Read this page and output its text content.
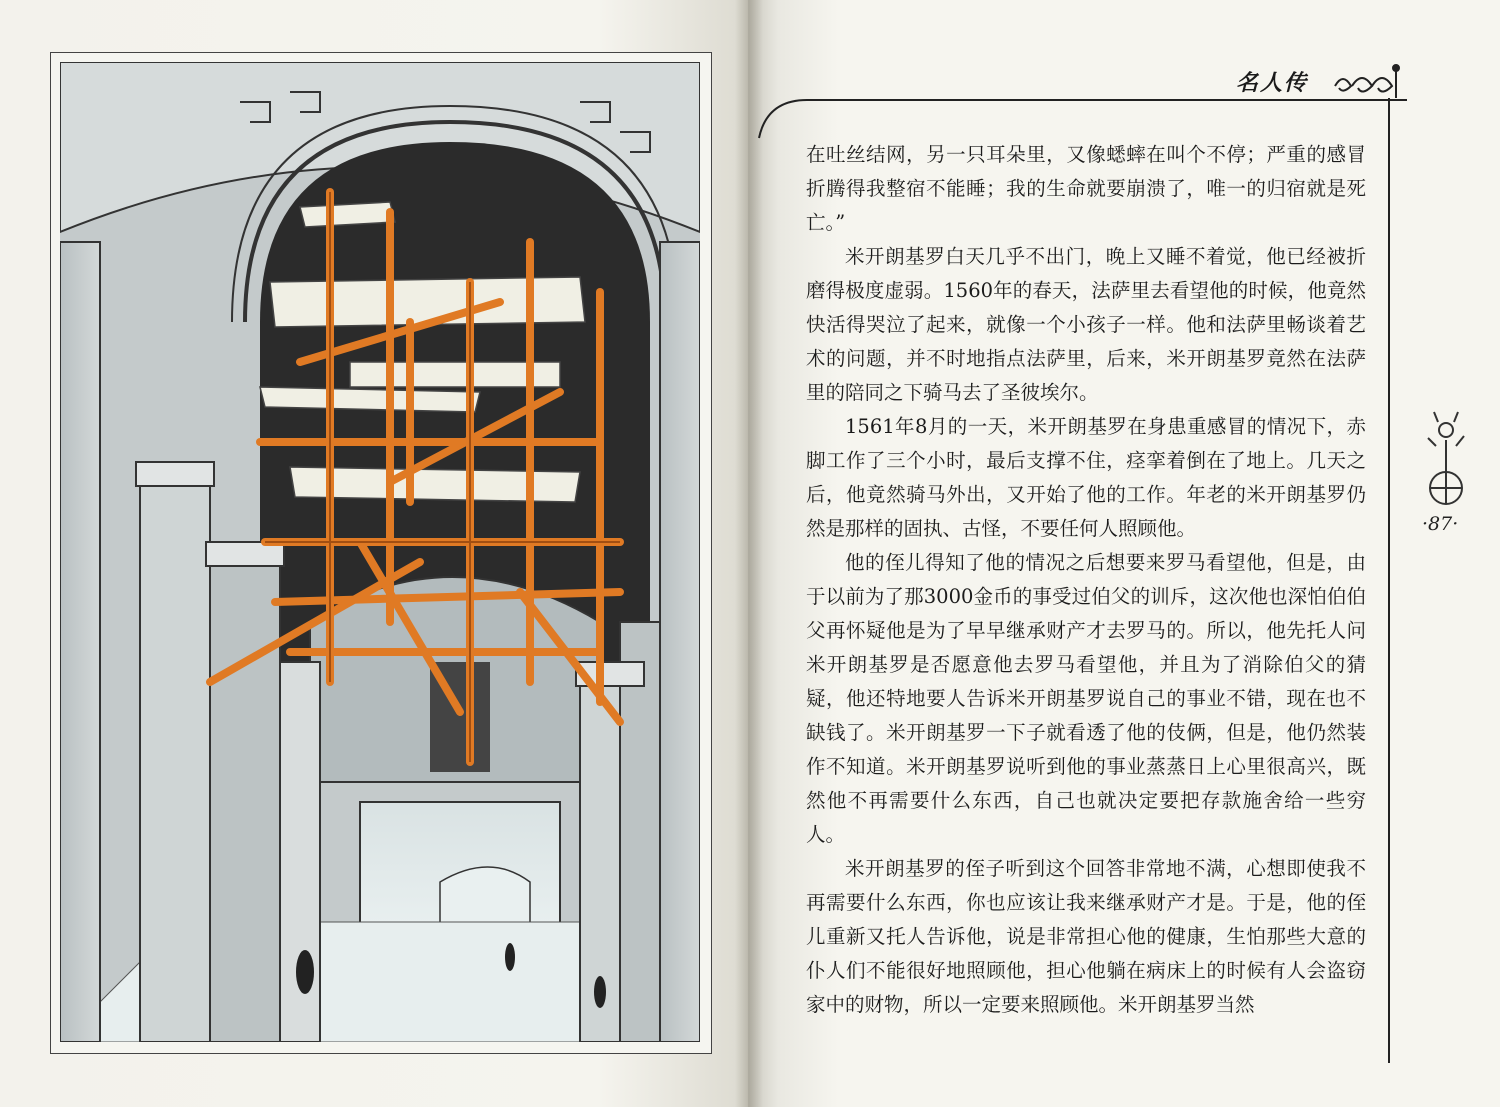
名人传
·87·

在吐丝结网，另一只耳朵里，又像蟋蟀在叫个不停；严重的感冒折腾得我整宿不能睡；我的生命就要崩溃了，唯一的归宿就是死亡。”

米开朗基罗白天几乎不出门，晚上又睡不着觉，他已经被折磨得极度虚弱。1560年的春天，法萨里去看望他的时候，他竟然快活得哭泣了起来，就像一个小孩子一样。他和法萨里畅谈着艺术的问题，并不时地指点法萨里，后来，米开朗基罗竟然在法萨里的陪同之下骑马去了圣彼埃尔。

1561年8月的一天，米开朗基罗在身患重感冒的情况下，赤脚工作了三个小时，最后支撑不住，痉挛着倒在了地上。几天之后，他竟然骑马外出，又开始了他的工作。年老的米开朗基罗仍然是那样的固执、古怪，不要任何人照顾他。

他的侄儿得知了他的情况之后想要来罗马看望他，但是，由于以前为了那3000金币的事受过伯父的训斥，这次他也深怕伯伯父再怀疑他是为了早早继承财产才去罗马的。所以，他先托人问米开朗基罗是否愿意他去罗马看望他，并且为了消除伯父的猜疑，他还特地要人告诉米开朗基罗说自己的事业不错，现在也不缺钱了。米开朗基罗一下子就看透了他的伎俩，但是，他仍然装作不知道。米开朗基罗说听到他的事业蒸蒸日上心里很高兴，既然他不再需要什么东西，自己也就决定要把存款施舍给一些穷人。

米开朗基罗的侄子听到这个回答非常地不满，心想即使我不再需要什么东西，你也应该让我来继承财产才是。于是，他的侄儿重新又托人告诉他，说是非常担心他的健康，生怕那些大意的仆人们不能很好地照顾他，担心他躺在病床上的时候有人会盗窃家中的财物，所以一定要来照顾他。米开朗基罗当然
